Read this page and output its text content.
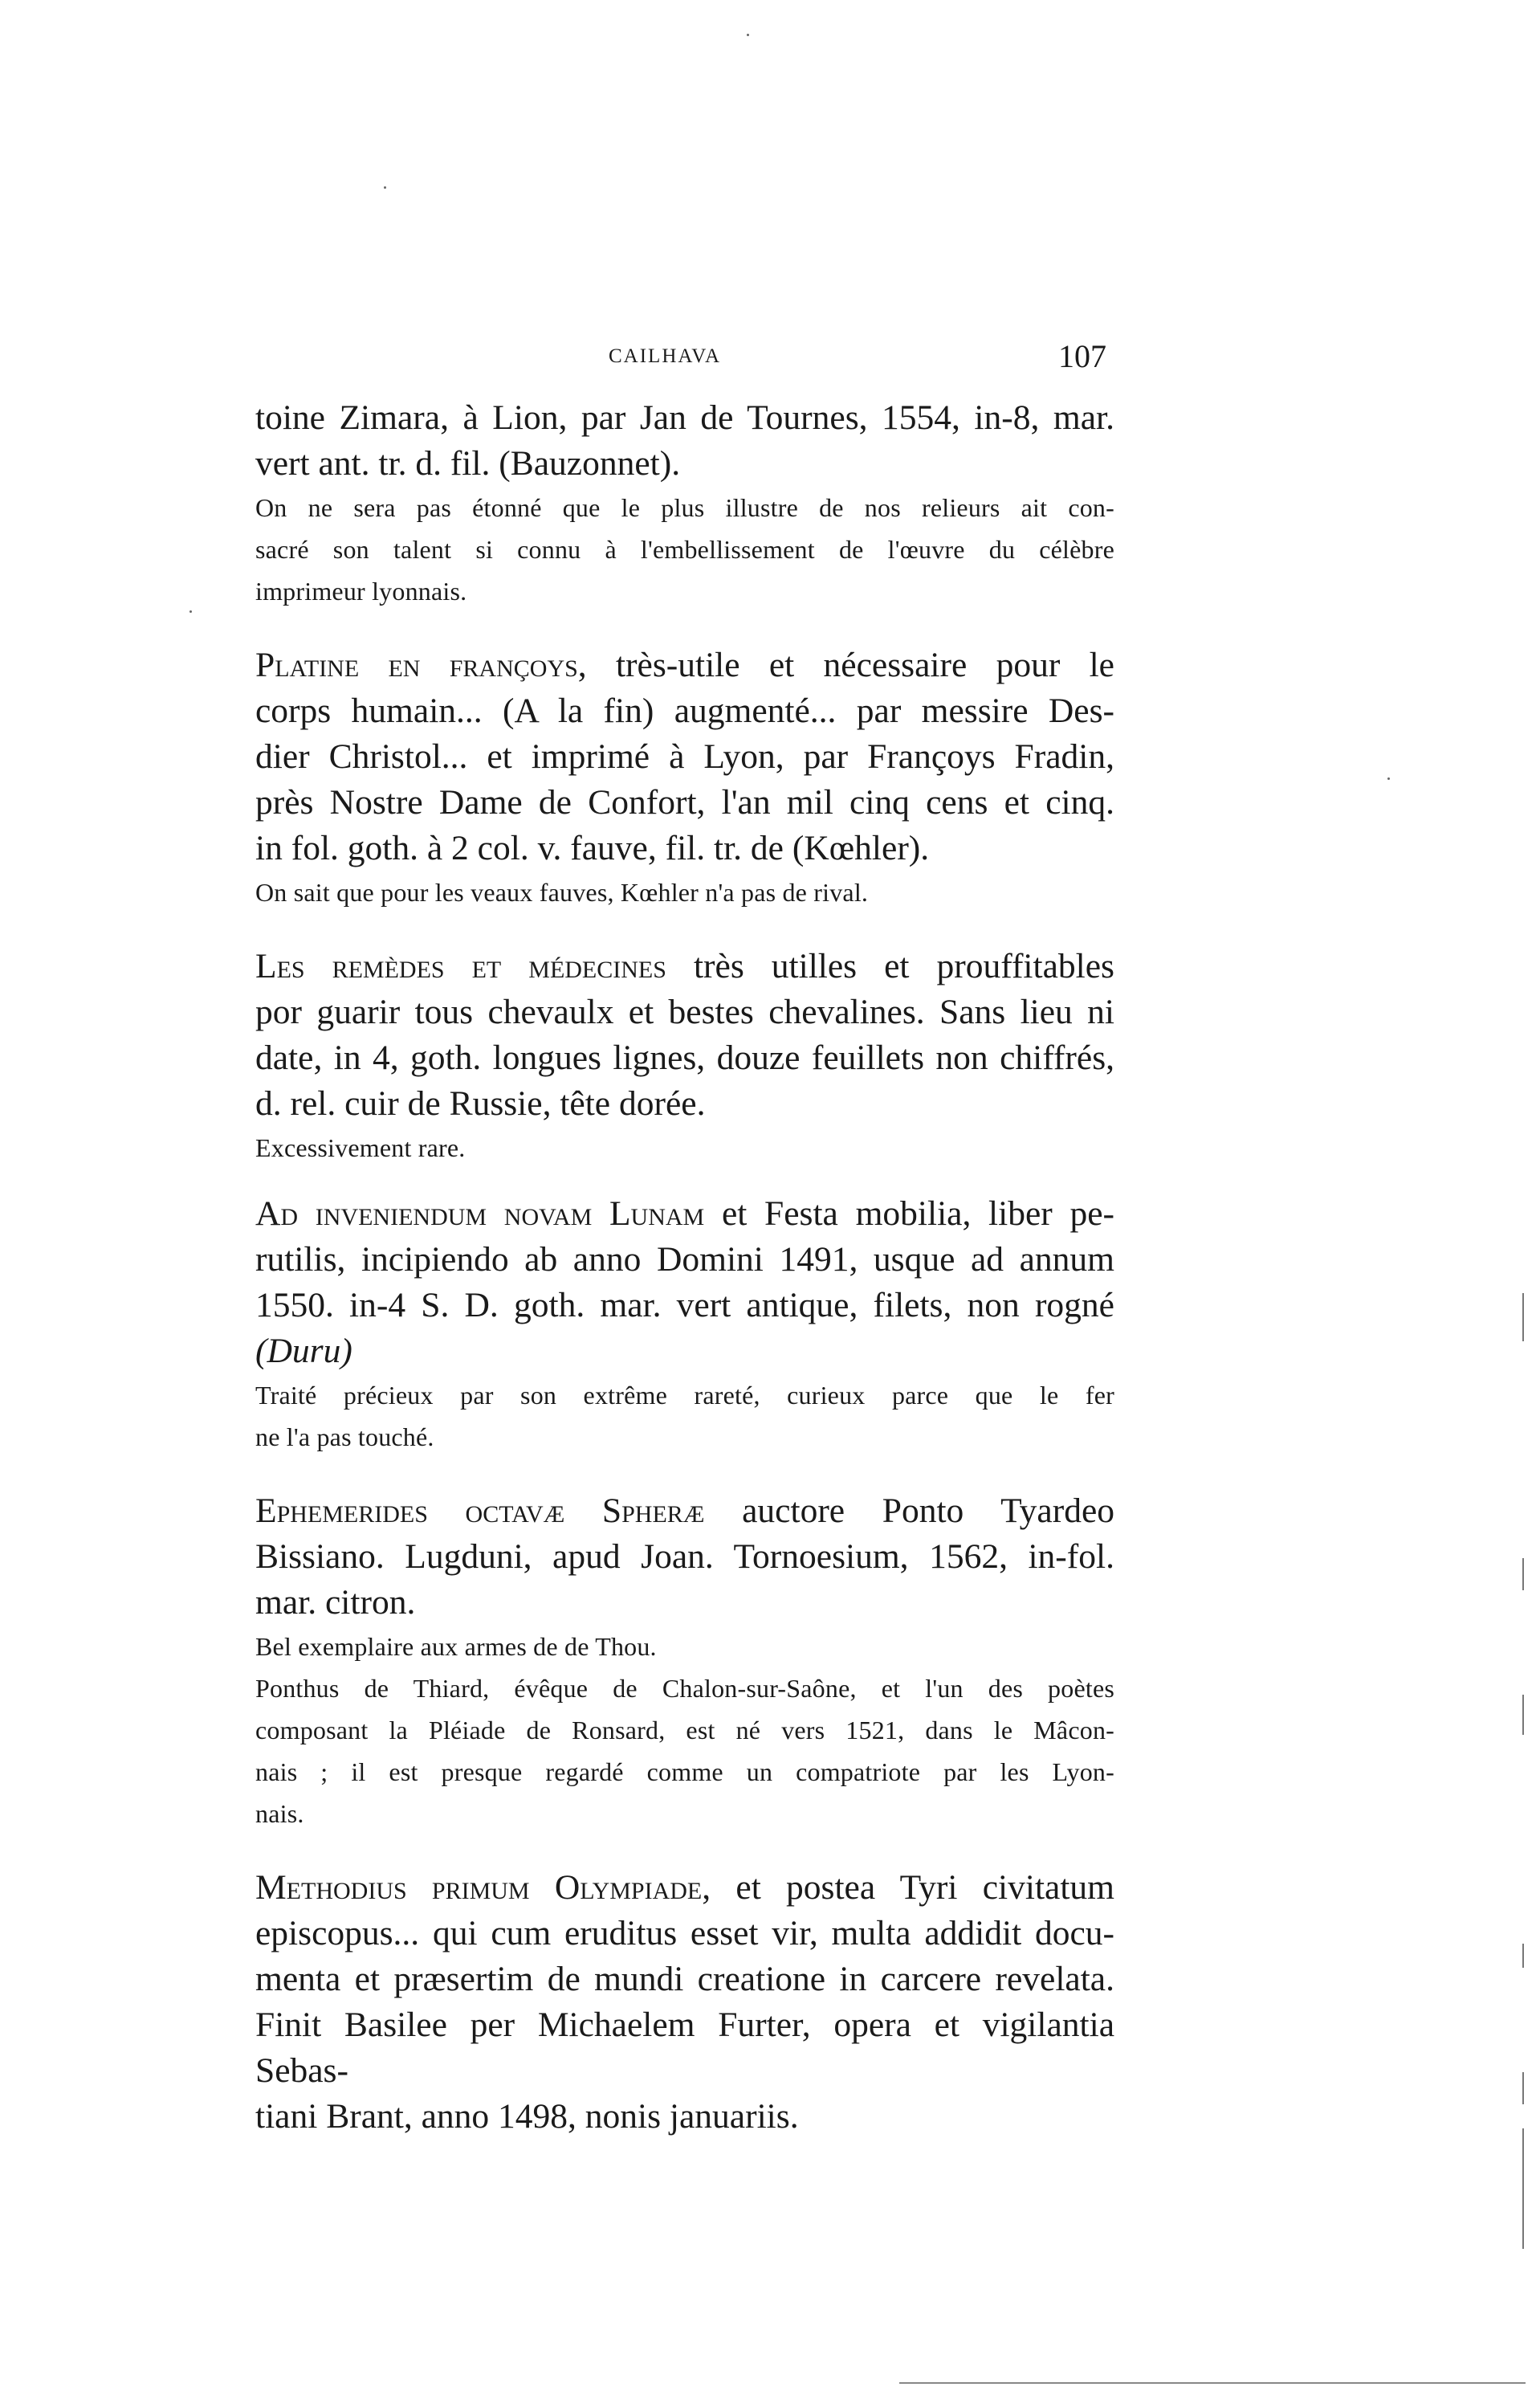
CAILHAVA	107
toine Zimara, à Lion, par Jan de Tournes, 1554, in-8, mar.
vert ant. tr. d. fil. (Bauzonnet).
On ne sera pas étonné que le plus illustre de nos relieurs ait con-
sacré son talent si connu à l'embellissement de l'œuvre du célèbre
imprimeur lyonnais.
Platine en françoys, très-utile et nécessaire pour le
corps humain... (A la fin) augmenté... par messire Des-
dier Christol... et imprimé à Lyon, par Françoys Fradin,
près Nostre Dame de Confort, l'an mil cinq cens et cinq.
in fol. goth. à 2 col. v. fauve, fil. tr. de (Kœhler).
On sait que pour les veaux fauves, Kœhler n'a pas de rival.
Les remèdes et médecines très utilles et prouffitables
por guarir tous chevaulx et bestes chevalines. Sans lieu ni
date, in 4, goth. longues lignes, douze feuillets non chiffrés,
d. rel. cuir de Russie, tête dorée.
Excessivement rare.
Ad inveniendum novam Lunam et Festa mobilia, liber pe-
rutilis, incipiendo ab anno Domini 1491, usque ad annum
1550. in-4 S. D. goth. mar. vert antique, filets, non rogné
(Duru)
Traité précieux par son extrême rareté, curieux parce que le fer
ne l'a pas touché.
Ephemerides octavæ Spheræ auctore Ponto Tyardeo
Bissiano. Lugduni, apud Joan. Tornoesium, 1562, in-fol.
mar. citron.
Bel exemplaire aux armes de de Thou.
Ponthus de Thiard, évêque de Chalon-sur-Saône, et l'un des poètes
composant la Pléiade de Ronsard, est né vers 1521, dans le Mâcon-
nais ; il est presque regardé comme un compatriote par les Lyon-
nais.
Methodius primum Olympiade, et postea Tyri civitatum
episcopus... qui cum eruditus esset vir, multa addidit docu-
menta et præsertim de mundi creatione in carcere revelata.
Finit Basilee per Michaelem Furter, opera et vigilantia Sebas-
tiani Brant, anno 1498, nonis januariis.
